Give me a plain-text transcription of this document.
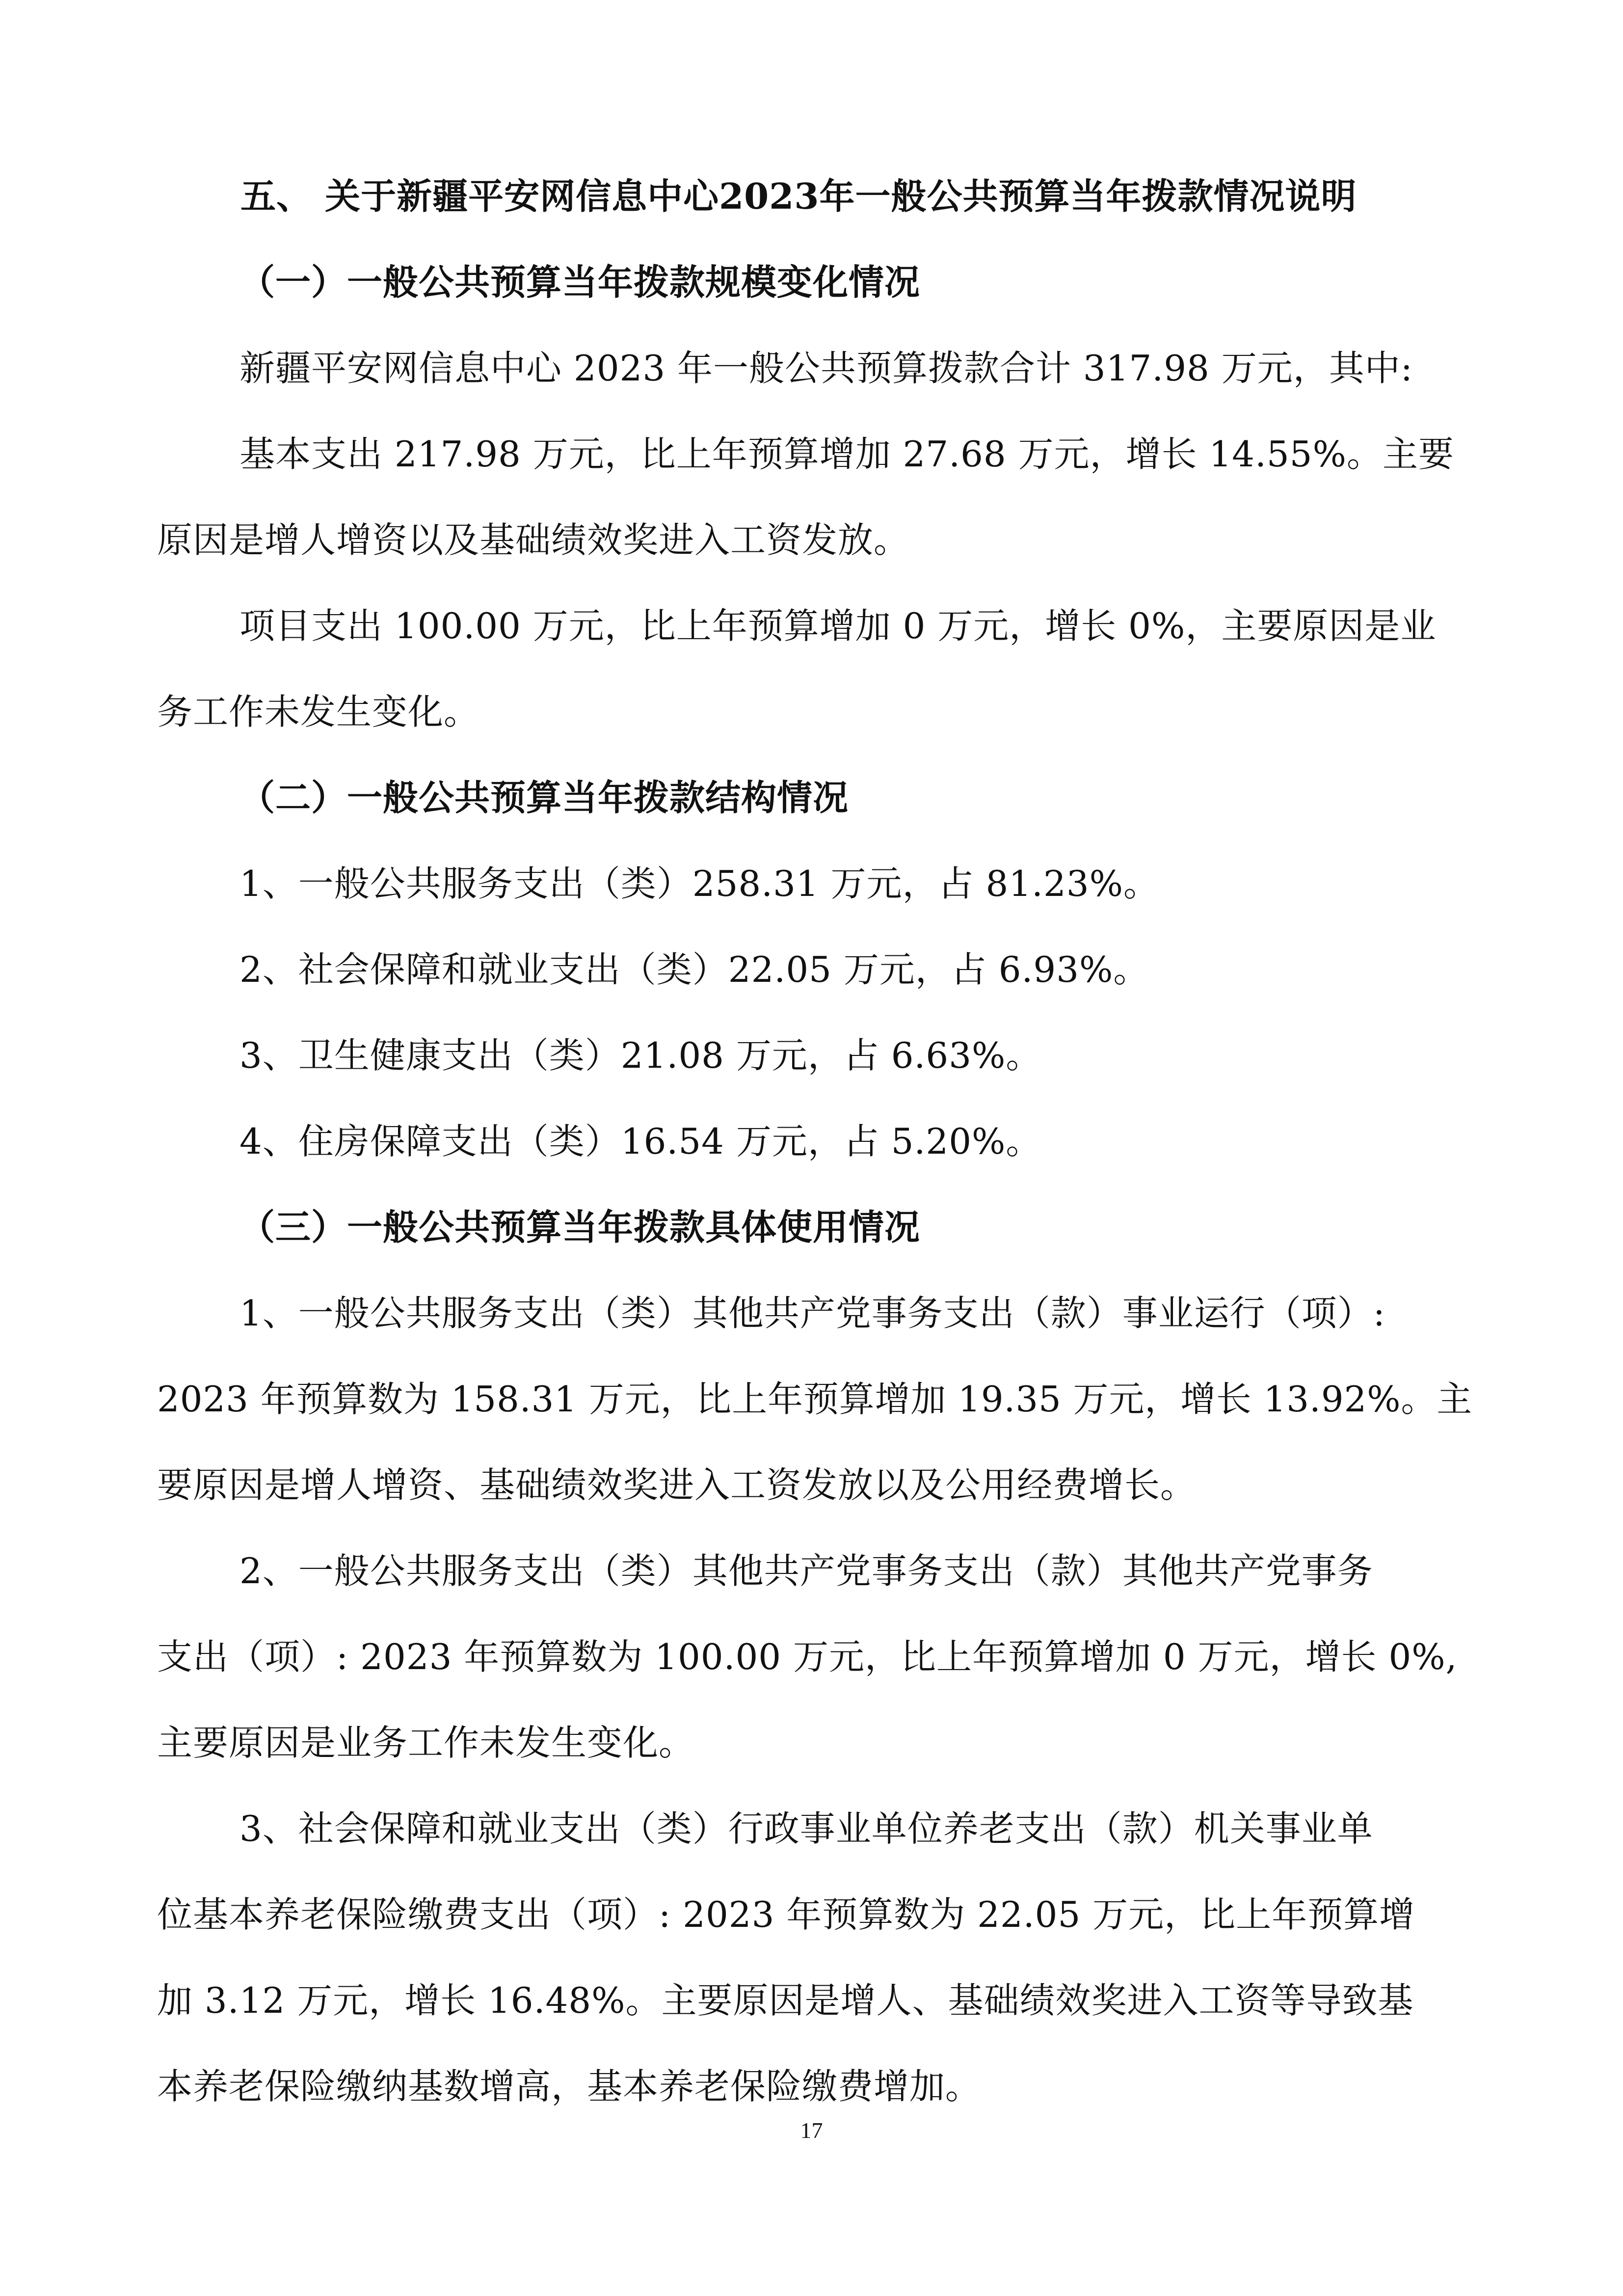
五、 关于新疆平安网信息中心2023年一般公共预算当年拨款情况说明
（一）一般公共预算当年拨款规模变化情况
新疆平安网信息中心 2023 年一般公共预算拨款合计 317.98 万元，其中:
基本支出 217.98 万元，比上年预算增加 27.68 万元，增长 14.55%。主要
原因是增人增资以及基础绩效奖进入工资发放。
项目支出 100.00 万元，比上年预算增加 0 万元，增长 0%，主要原因是业
务工作未发生变化。
（二）一般公共预算当年拨款结构情况
1、一般公共服务支出（类）258.31 万元，占 81.23%。
2、社会保障和就业支出（类）22.05 万元，占 6.93%。
3、卫生健康支出（类）21.08 万元，占 6.63%。
4、住房保障支出（类）16.54 万元，占 5.20%。
（三）一般公共预算当年拨款具体使用情况
1、一般公共服务支出（类）其他共产党事务支出（款）事业运行（项）:
2023 年预算数为 158.31 万元，比上年预算增加 19.35 万元，增长 13.92%。主
要原因是增人增资、基础绩效奖进入工资发放以及公用经费增长。
2、一般公共服务支出（类）其他共产党事务支出（款）其他共产党事务
支出（项）: 2023 年预算数为 100.00 万元，比上年预算增加 0 万元，增长 0%,
主要原因是业务工作未发生变化。
3、社会保障和就业支出（类）行政事业单位养老支出（款）机关事业单
位基本养老保险缴费支出（项）: 2023 年预算数为 22.05 万元，比上年预算增
加 3.12 万元，增长 16.48%。主要原因是增人、基础绩效奖进入工资等导致基
本养老保险缴纳基数增高，基本养老保险缴费增加。
17
